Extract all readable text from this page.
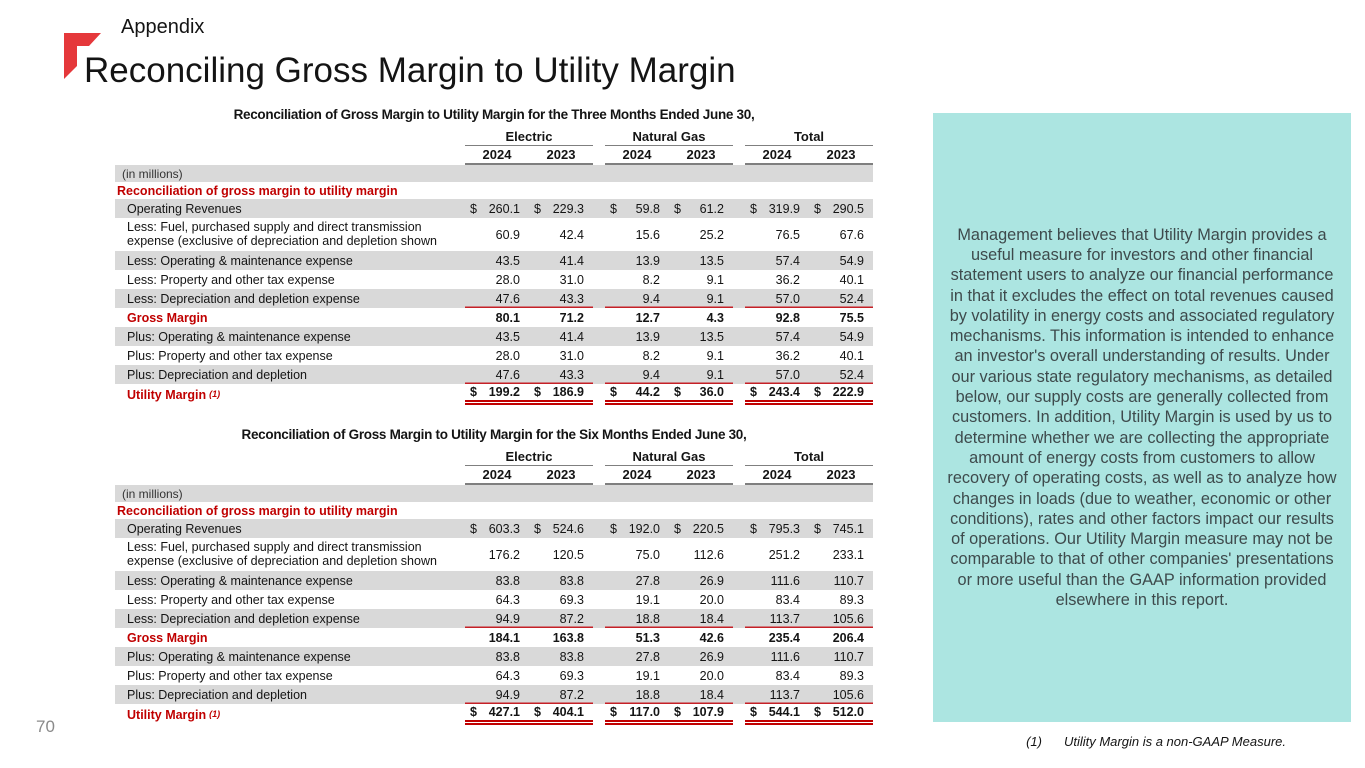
Appendix
Reconciling Gross Margin to Utility Margin
Reconciliation of Gross Margin to Utility Margin for the Three Months Ended June 30,
Electric	Natural Gas	Total
2024	2023	2024	2023	2024	2023
(in millions)
Reconciliation of gross margin to utility margin
Operating Revenues	$ 260.1	$ 229.3	$ 59.8	$ 61.2	$ 319.9	$ 290.5
Less: Fuel, purchased supply and direct transmission
expense (exclusive of depreciation and depletion shown	60.9	42.4	15.6	25.2	76.5	67.6
Less: Operating & maintenance expense	43.5	41.4	13.9	13.5	57.4	54.9
Less: Property and other tax expense	28.0	31.0	8.2	9.1	36.2	40.1
Less: Depreciation and depletion expense	47.6	43.3	9.4	9.1	57.0	52.4
Gross Margin	80.1	71.2	12.7	4.3	92.8	75.5
Plus: Operating & maintenance expense	43.5	41.4	13.9	13.5	57.4	54.9
Plus: Property and other tax expense	28.0	31.0	8.2	9.1	36.2	40.1
Plus: Depreciation and depletion	47.6	43.3	9.4	9.1	57.0	52.4
Utility Margin $^{(1)}$	$ 199.2	$ 186.9	$ 44.2	$ 36.0	$ 243.4	$ 222.9
Reconciliation of Gross Margin to Utility Margin for the Six Months Ended June 30,
Electric	Natural Gas	Total
2024	2023	2024	2023	2024	2023
(in millions)
Reconciliation of gross margin to utility margin
Operating Revenues	$ 603.3	$ 524.6	$ 192.0	$ 220.5	$ 795.3	$ 745.1
Less: Fuel, purchased supply and direct transmission
expense (exclusive of depreciation and depletion shown	176.2	120.5	75.0	112.6	251.2	233.1
Less: Operating & maintenance expense	83.8	83.8	27.8	26.9	111.6	110.7
Less: Property and other tax expense	64.3	69.3	19.1	20.0	83.4	89.3
Less: Depreciation and depletion expense	94.9	87.2	18.8	18.4	113.7	105.6
Gross Margin	184.1	163.8	51.3	42.6	235.4	206.4
Plus: Operating & maintenance expense	83.8	83.8	27.8	26.9	111.6	110.7
Plus: Property and other tax expense	64.3	69.3	19.1	20.0	83.4	89.3
Plus: Depreciation and depletion	94.9	87.2	18.8	18.4	113.7	105.6
Utility Margin $^{(1)}$	$ 427.1	$ 404.1	$ 117.0	$ 107.9	$ 544.1	$ 512.0

Management believes that Utility Margin provides a useful measure for investors and other financial statement users to analyze our financial performance in that it excludes the effect on total revenues caused by volatility in energy costs and associated regulatory mechanisms. This information is intended to enhance an investor's overall understanding of results. Under our various state regulatory mechanisms, as detailed below, our supply costs are generally collected from customers. In addition, Utility Margin is used by us to determine whether we are collecting the appropriate amount of energy costs from customers to allow recovery of operating costs, as well as to analyze how changes in loads (due to weather, economic or other conditions), rates and other factors impact our results of operations. Our Utility Margin measure may not be comparable to that of other companies' presentations or more useful than the GAAP information provided elsewhere in this report.

(1) Utility Margin is a non-GAAP Measure.
70
